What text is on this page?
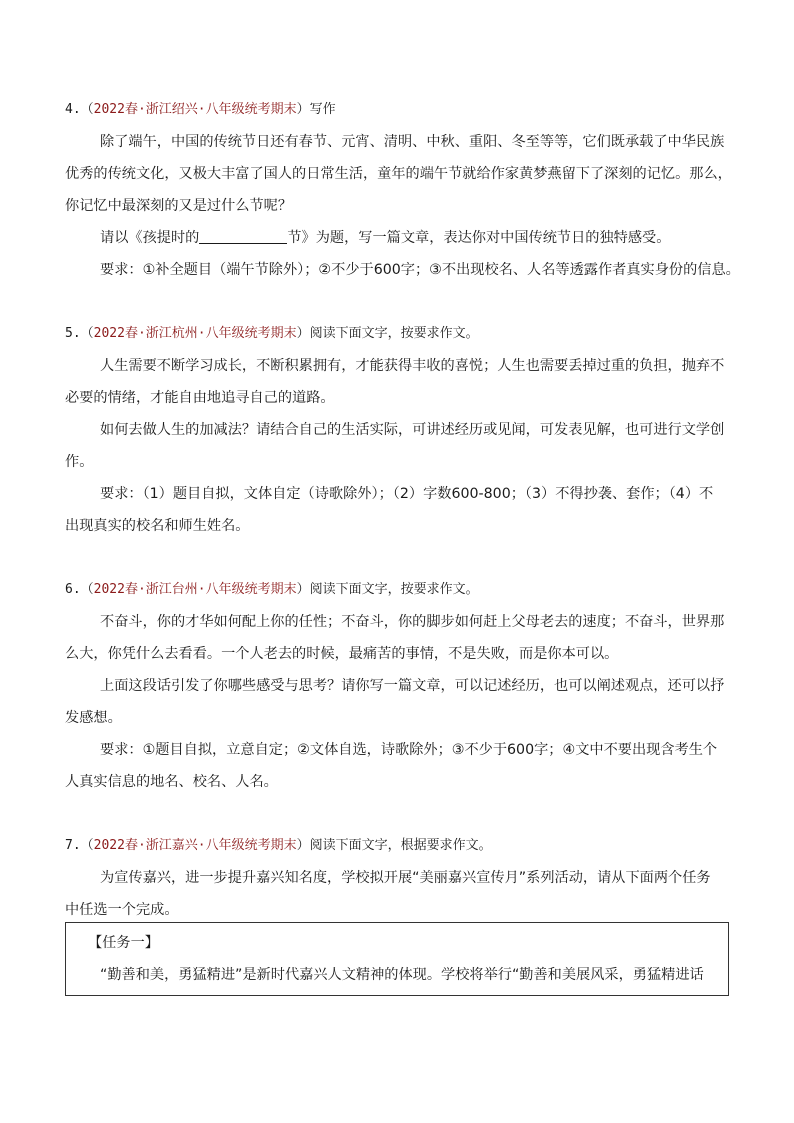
4.（2022春·浙江绍兴·八年级统考期末）写作
除了端午，中国的传统节日还有春节、元宵、清明、中秋、重阳、冬至等等，它们既承载了中华民族
优秀的传统文化，又极大丰富了国人的日常生活，童年的端午节就给作家黄梦燕留下了深刻的记忆。那么，
你记忆中最深刻的又是过什么节呢？
请以《孩提时的	节》为题，写一篇文章，表达你对中国传统节日的独特感受。
要求：①补全题目（端午节除外）；②不少于600字；③不出现校名、人名等透露作者真实身份的信息。
5.（2022春·浙江杭州·八年级统考期末）阅读下面文字，按要求作文。
人生需要不断学习成长，不断积累拥有，才能获得丰收的喜悦；人生也需要丢掉过重的负担，抛弃不
必要的情绪，才能自由地追寻自己的道路。
如何去做人生的加减法？请结合自己的生活实际，可讲述经历或见闻，可发表见解，也可进行文学创
作。
要求：（1）题目自拟，文体自定（诗歌除外）；（2）字数600-800；（3）不得抄袭、套作；（4）不
出现真实的校名和师生姓名。
6.（2022春·浙江台州·八年级统考期末）阅读下面文字，按要求作文。
不奋斗，你的才华如何配上你的任性；不奋斗，你的脚步如何赶上父母老去的速度；不奋斗，世界那
么大，你凭什么去看看。一个人老去的时候，最痛苦的事情，不是失败，而是你本可以。
上面这段话引发了你哪些感受与思考？请你写一篇文章，可以记述经历，也可以阐述观点，还可以抒
发感想。
要求：①题目自拟，立意自定；②文体自选，诗歌除外；③不少于600字；④文中不要出现含考生个
人真实信息的地名、校名、人名。
7.（2022春·浙江嘉兴·八年级统考期末）阅读下面文字，根据要求作文。
为宣传嘉兴，进一步提升嘉兴知名度，学校拟开展“美丽嘉兴宣传月”系列活动，请从下面两个任务
中任选一个完成。
【任务一】
“勤善和美，勇猛精进”是新时代嘉兴人文精神的体现。学校将举行“勤善和美展风采，勇猛精进话
